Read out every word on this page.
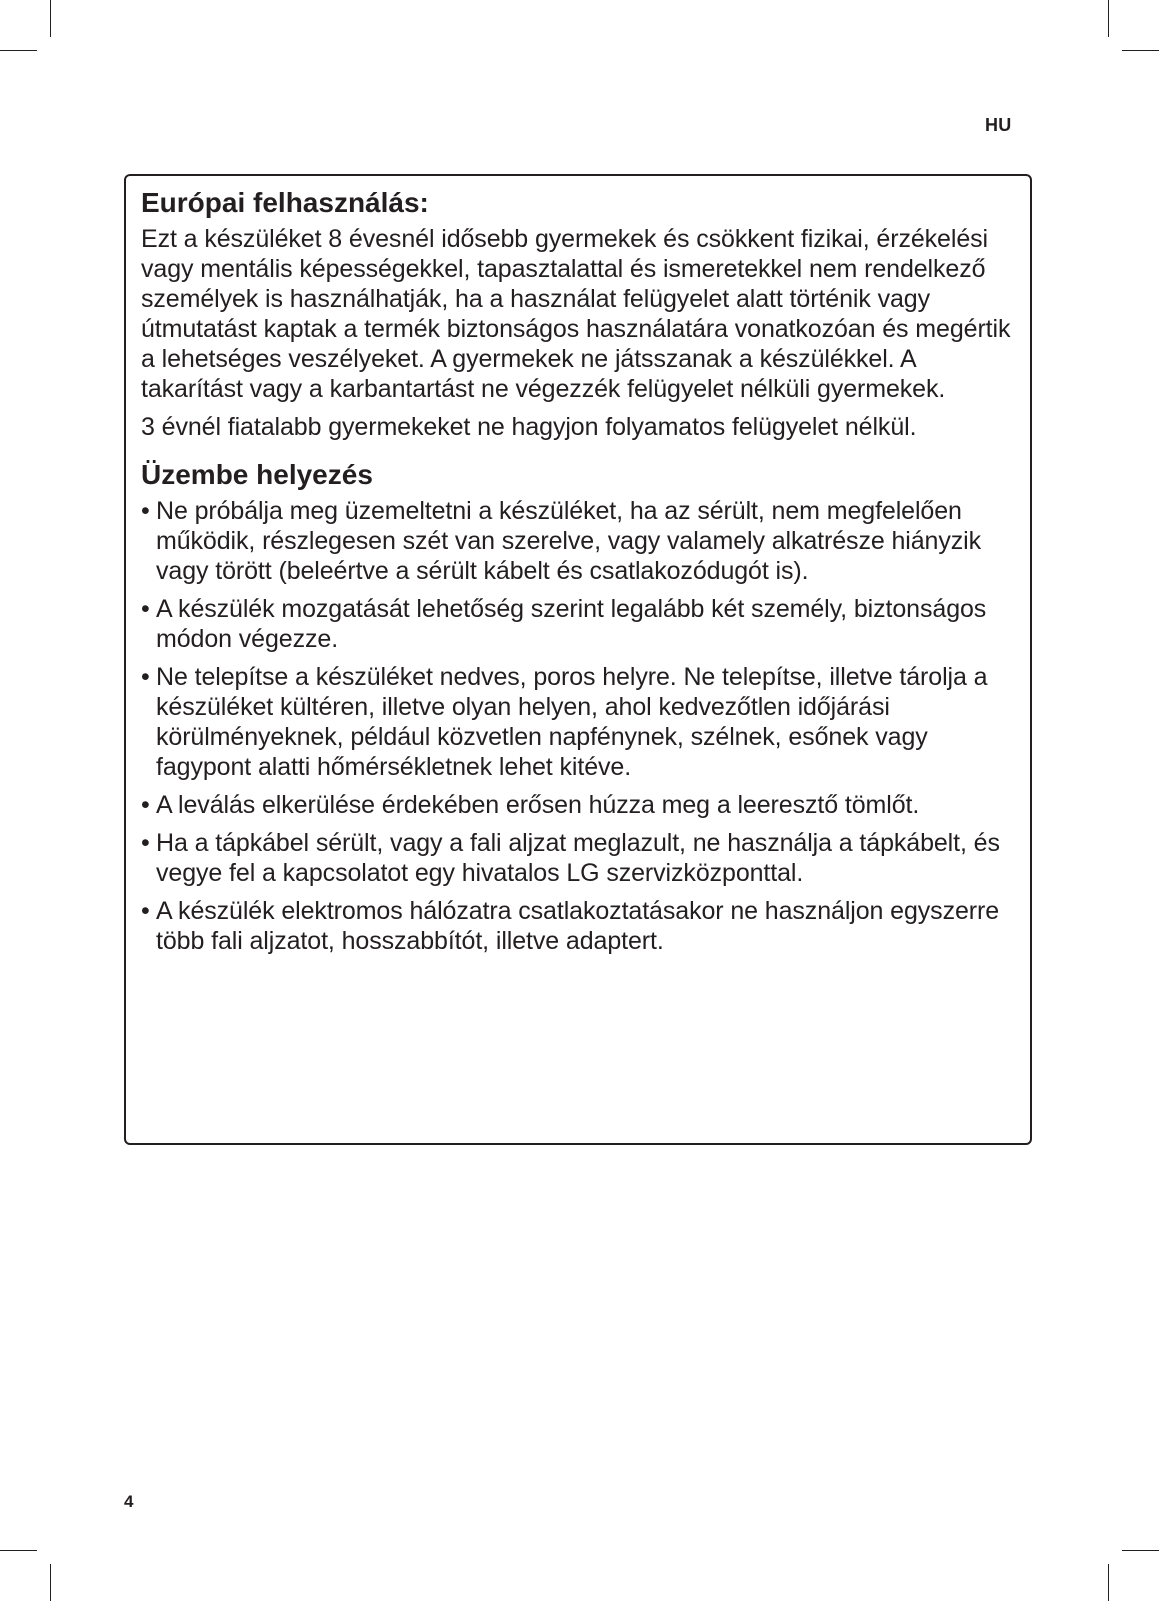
HU
Európai felhasználás:

Ezt a készüléket 8 évesnél idősebb gyermekek és csökkent fizikai, érzékelési vagy mentális képességekkel, tapasztalattal és ismeretekkel nem rendelkező személyek is használhatják, ha a használat felügyelet alatt történik vagy útmutatást kaptak a termék biztonságos használatára vonatkozóan és megértik a lehetséges veszélyeket. A gyermekek ne játsszanak a készülékkel. A takarítást vagy a karbantartást ne végezzék felügyelet nélküli gyermekek.

3 évnél fiatalabb gyermekeket ne hagyjon folyamatos felügyelet nélkül.

Üzembe helyezés
• Ne próbálja meg üzemeltetni a készüléket, ha az sérült, nem megfelelően működik, részlegesen szét van szerelve, vagy valamely alkatrésze hiányzik vagy törött (beleértve a sérült kábelt és csatlakozódugót is).
• A készülék mozgatását lehetőség szerint legalább két személy, biztonságos módon végezze.
• Ne telepítse a készüléket nedves, poros helyre. Ne telepítse, illetve tárolja a készüléket kültéren, illetve olyan helyen, ahol kedvezőtlen időjárási körülményeknek, például közvetlen napfénynek, szélnek, esőnek vagy fagypont alatti hőmérsékletnek lehet kitéve.
• A leválás elkerülése érdekében erősen húzza meg a leeresztő tömlőt.
• Ha a tápkábel sérült, vagy a fali aljzat meglazult, ne használja a tápkábelt, és vegye fel a kapcsolatot egy hivatalos LG szervizközponttal.
• A készülék elektromos hálózatra csatlakoztatásakor ne használjon egyszerre több fali aljzatot, hosszabbítót, illetve adaptert.
4
